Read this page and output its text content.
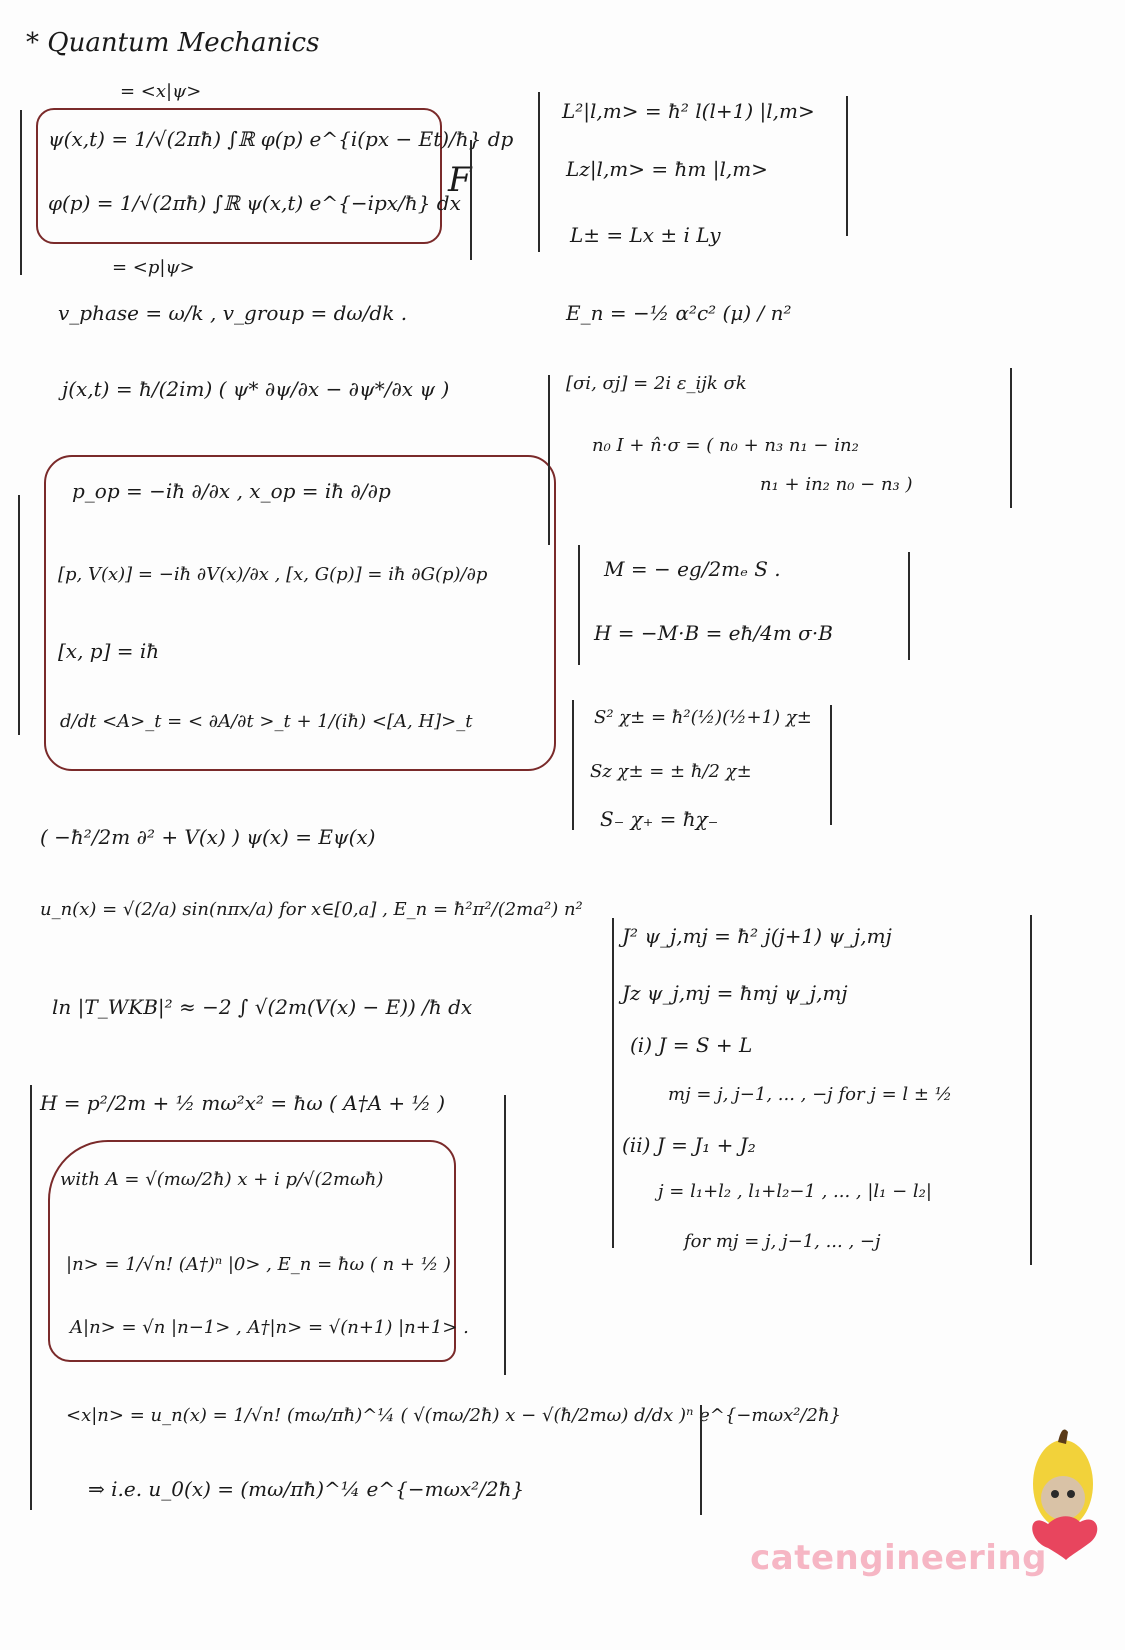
* Quantum Mechanics
= <x|ψ>
ψ(x,t) = 1/√(2πħ) ∫ℝ φ(p) e^{i(px − Et)/ħ} dp
φ(p) = 1/√(2πħ) ∫ℝ ψ(x,t) e^{−ipx/ħ} dx
F
= <p|ψ>
v_phase = ω/k , v_group = dω/dk .
j(x,t) = ħ/(2im) ( ψ* ∂ψ/∂x − ∂ψ*/∂x ψ )
p_op = −iħ ∂/∂x , x_op = iħ ∂/∂p
[p, V(x)] = −iħ ∂V(x)/∂x , [x, G(p)] = iħ ∂G(p)/∂p
[x, p] = iħ
d/dt <A>_t = < ∂A/∂t >_t + 1/(iħ) <[A, H]>_t
( −ħ²/2m ∂² + V(x) ) ψ(x) = Eψ(x)
u_n(x) = √(2/a) sin(nπx/a) for x∈[0,a] , E_n = ħ²π²/(2ma²) n²
ln |T_WKB|² ≈ −2 ∫ √(2m(V(x) − E)) /ħ dx
H = p²/2m + ½ mω²x² = ħω ( A†A + ½ )
with A = √(mω/2ħ) x + i p/√(2mωħ)
|n> = 1/√n! (A†)ⁿ |0> , E_n = ħω ( n + ½ )
A|n> = √n |n−1> , A†|n> = √(n+1) |n+1> .
<x|n> = u_n(x) = 1/√n! (mω/πħ)^¼ ( √(mω/2ħ) x − √(ħ/2mω) d/dx )ⁿ e^{−mωx²/2ħ}
⇒ i.e. u_0(x) = (mω/πħ)^¼ e^{−mωx²/2ħ}
L²|l,m> = ħ² l(l+1) |l,m>
Lz|l,m> = ħm |l,m>
L± = Lx ± i Ly
E_n = −½ α²c² (μ) / n²
[σi, σj] = 2i ε_ijk σk
n₀ I + n̂·σ = ( n₀ + n₃ n₁ − in₂
n₁ + in₂ n₀ − n₃ )
M = − eg/2mₑ S .
H = −M·B = eħ/4m σ·B
S² χ± = ħ²(½)(½+1) χ±
Sz χ± = ± ħ/2 χ±
S₋ χ₊ = ħχ₋
J² ψ_j,mj = ħ² j(j+1) ψ_j,mj
Jz ψ_j,mj = ħmj ψ_j,mj
(i) J = S + L
mj = j, j−1, ... , −j for j = l ± ½
(ii) J = J₁ + J₂
j = l₁+l₂ , l₁+l₂−1 , ... , |l₁ − l₂|
for mj = j, j−1, ... , −j
catengineering
